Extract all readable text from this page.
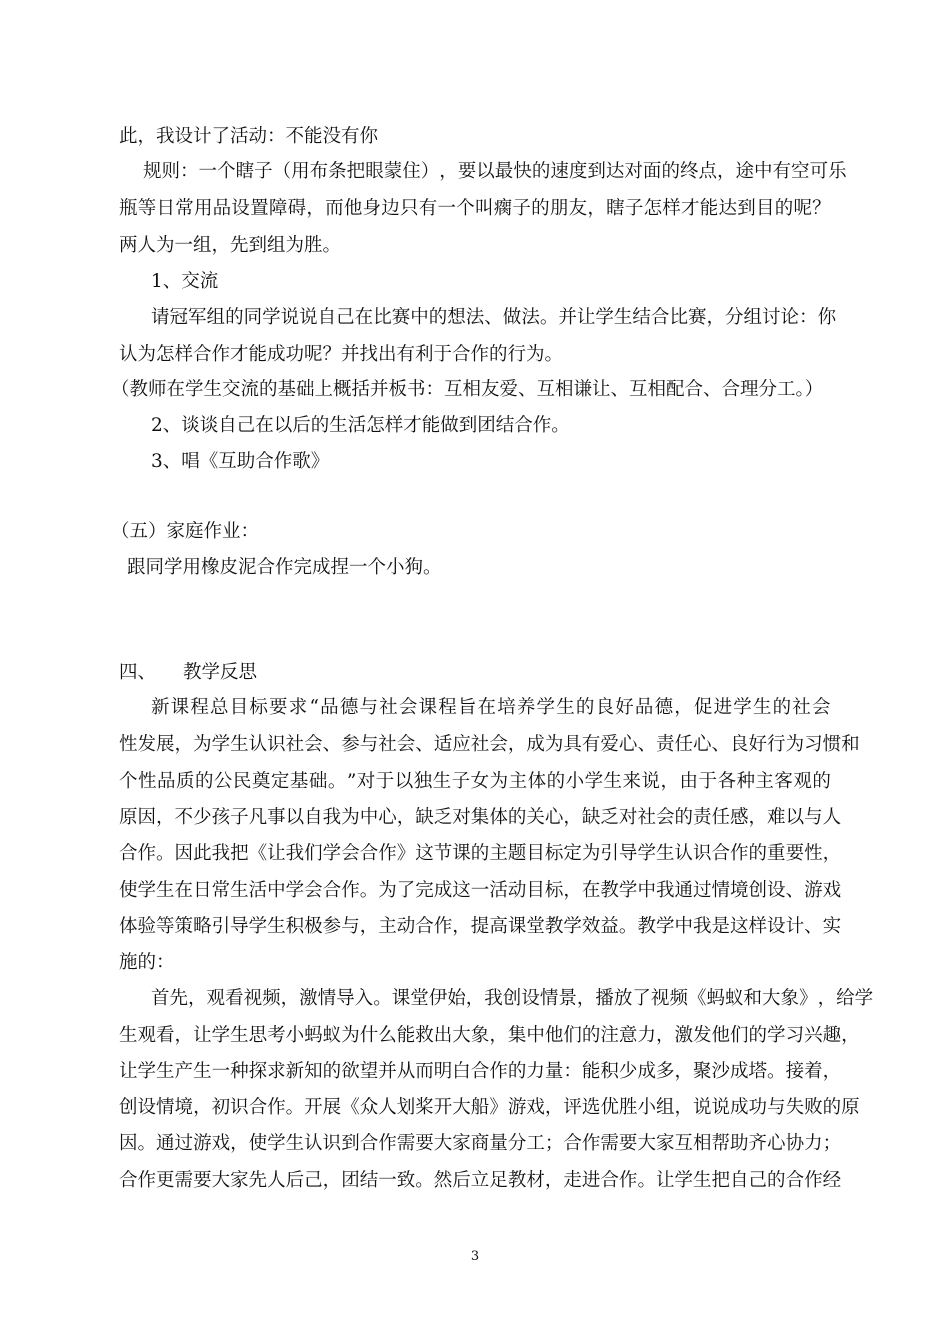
此，我设计了活动：不能没有你
规 则 ： 一 个 瞎 子 （ 用 布 条 把 眼 蒙 住 ） ， 要 以 最 快 的 速 度 到 达 对 面 的 终 点 ， 途 中 有 空 可 乐
瓶 等 日 常 用 品 设 置 障 碍 ， 而 他 身 边 只 有 一 个 叫 瘸 子 的 朋 友 ， 瞎 子 怎 样 才 能 达 到 目 的 呢 ？
两人为一组，先到组为胜。
1、交流
请 冠 军 组 的 同 学 说 说 自 己 在 比 赛 中 的 想 法 、 做 法 。 并 让 学 生 结 合 比 赛 ， 分 组 讨 论 ： 你
认为怎样合作才能成功呢？并找出有利于合作的行为。
（教师在学生交流的基础上概括并板书：互相友爱、互相谦让、互相配合、合理分工。）
2、谈谈自己在以后的生活怎样才能做到团结合作。
3、唱《互助合作歌》
（五）家庭作业：
跟同学用橡皮泥合作完成捏一个小狗。
四、 教学反思
新 课 程 总 目 标 要 求 “ 品 德 与 社 会 课 程 旨 在 培 养 学 生 的 良 好 品 德 ， 促 进 学 生 的 社 会
性 发 展 ， 为 学 生 认 识 社 会 、 参 与 社 会 、 适 应 社 会 ， 成 为 具 有 爱 心 、 责 任 心 、 良 好 行 为 习 惯 和
个 性 品 质 的 公 民 奠 定 基 础 。 ” 对 于 以 独 生 子 女 为 主 体 的 小 学 生 来 说 ， 由 于 各 种 主 客 观 的
原 因 ， 不 少 孩 子 凡 事 以 自 我 为 中 心 ， 缺 乏 对 集 体 的 关 心 ， 缺 乏 对 社 会 的 责 任 感 ， 难 以 与 人
合 作 。 因 此 我 把 《 让 我 们 学 会 合 作 》 这 节 课 的 主 题 目 标 定 为 引 导 学 生 认 识 合 作 的 重 要 性 ，
使 学 生 在 日 常 生 活 中 学 会 合 作 。 为 了 完 成 这 一 活 动 目 标 ， 在 教 学 中 我 通 过 情 境 创 设 、 游 戏
体 验 等 策 略 引 导 学 生 积 极 参 与 ， 主 动 合 作 ， 提 高 课 堂 教 学 效 益 。 教 学 中 我 是 这 样 设 计 、 实
施的：
首 先 ， 观 看 视 频 ， 激 情 导 入 。 课 堂 伊 始 ， 我 创 设 情 景 ， 播 放 了 视 频 《 蚂 蚁 和 大 象 》 ， 给 学
生 观 看 ， 让 学 生 思 考 小 蚂 蚁 为 什 么 能 救 出 大 象 ， 集 中 他 们 的 注 意 力 ， 激 发 他 们 的 学 习 兴 趣 ，
让 学 生 产 生 一 种 探 求 新 知 的 欲 望 并 从 而 明 白 合 作 的 力 量 ： 能 积 少 成 多 ， 聚 沙 成 塔 。 接 着 ，
创 设 情 境 ， 初 识 合 作 。 开 展 《 众 人 划 桨 开 大 船 》 游 戏 ， 评 选 优 胜 小 组 ， 说 说 成 功 与 失 败 的 原
因 。 通 过 游 戏 ， 使 学 生 认 识 到 合 作 需 要 大 家 商 量 分 工 ； 合 作 需 要 大 家 互 相 帮 助 齐 心 协 力 ；
合 作 更 需 要 大 家 先 人 后 己 ， 团 结 一 致 。 然 后 立 足 教 材 ， 走 进 合 作 。 让 学 生 把 自 己 的 合 作 经
3
